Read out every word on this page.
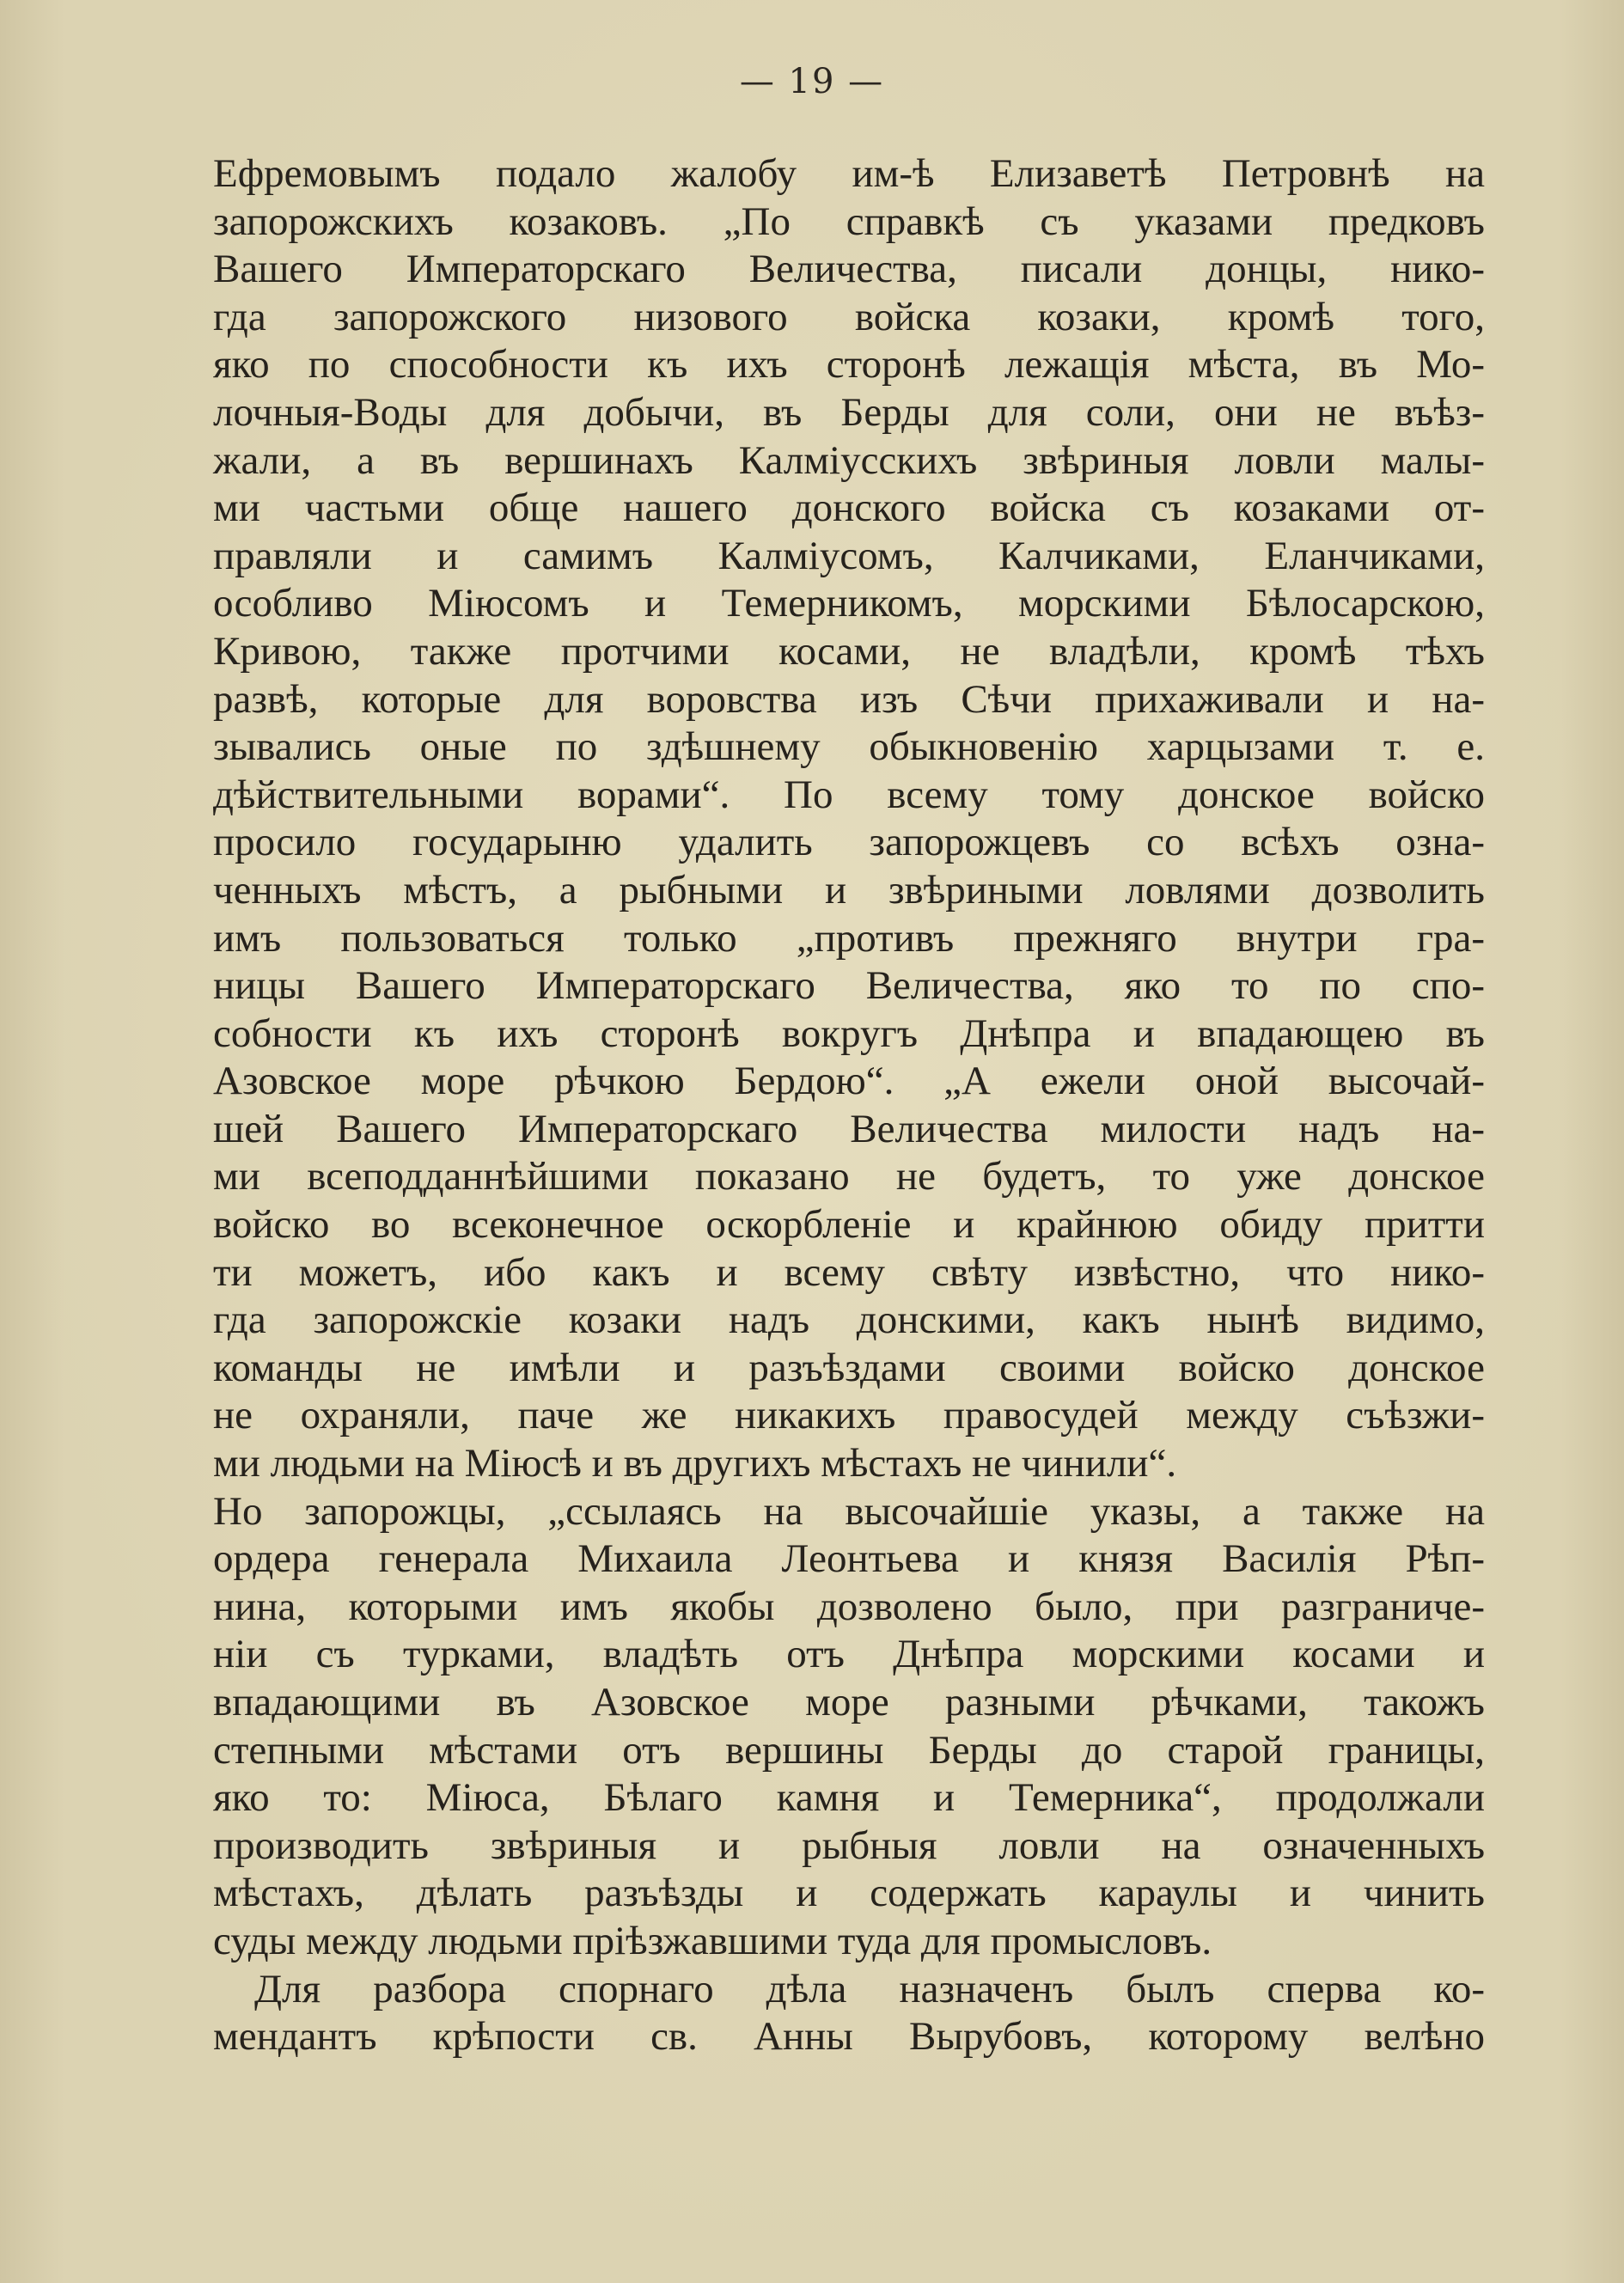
— 19 —
Ефремовымъ подало жалобу им-ѣ Елизаветѣ Петровнѣ на
запорожскихъ козаковъ. „По справкѣ съ указами предковъ
Вашего Императорскаго Величества, писали донцы, нико-
гда запорожского низового войска козаки, кромѣ того,
яко по способности къ ихъ сторонѣ лежащія мѣста, въ Мо-
лочныя-Воды для добычи, въ Берды для соли, они не въѣз-
жали, а въ вершинахъ Калміусскихъ звѣриныя ловли малы-
ми частьми обще нашего донского войска съ козаками от-
правляли и самимъ Калміусомъ, Калчиками, Еланчиками,
особливо Міюсомъ и Темерникомъ, морскими Бѣлосарскою,
Кривою, также протчими косами, не владѣли, кромѣ тѣхъ
развѣ, которые для воровства изъ Сѣчи прихаживали и на-
зывались оные по здѣшнему обыкновенію харцызами т. е.
дѣйствительными ворами“. По всему тому донское войско
просило государыню удалить запорожцевъ со всѣхъ озна-
ченныхъ мѣстъ, а рыбными и звѣриными ловлями дозволить
имъ пользоваться только „противъ прежняго внутри гра-
ницы Вашего Императорскаго Величества, яко то по спо-
собности къ ихъ сторонѣ вокругъ Днѣпра и впадающею въ
Азовское море рѣчкою Бердою“. „А ежели оной высочай-
шей Вашего Императорскаго Величества милости надъ на-
ми всеподданнѣйшими показано не будетъ, то уже донское
войско во всеконечное оскорбленіе и крайнюю обиду притти
ти можетъ, ибо какъ и всему свѣту извѣстно, что нико-
гда запорожскіе козаки надъ донскими, какъ нынѣ видимо,
команды не имѣли и разъѣздами своими войско донское
не охраняли, паче же никакихъ правосудей между съѣзжи-
ми людьми на Міюсѣ и въ другихъ мѣстахъ не чинили“.
Но запорожцы, „ссылаясь на высочайшіе указы, а также на
ордера генерала Михаила Леонтьева и князя Василія Рѣп-
нина, которыми имъ якобы дозволено было, при разграниче-
ніи съ турками, владѣть отъ Днѣпра морскими косами и
впадающими въ Азовское море разными рѣчками, такожъ
степными мѣстами отъ вершины Берды до старой границы,
яко то: Міюса, Бѣлаго камня и Темерника“, продолжали
производить звѣриныя и рыбныя ловли на означенныхъ
мѣстахъ, дѣлать разъѣзды и содержать караулы и чинить
суды между людьми пріѣзжавшими туда для промысловъ.
Для разбора спорнаго дѣла назначенъ былъ сперва ко-
мендантъ крѣпости св. Анны Вырубовъ, которому велѣно
